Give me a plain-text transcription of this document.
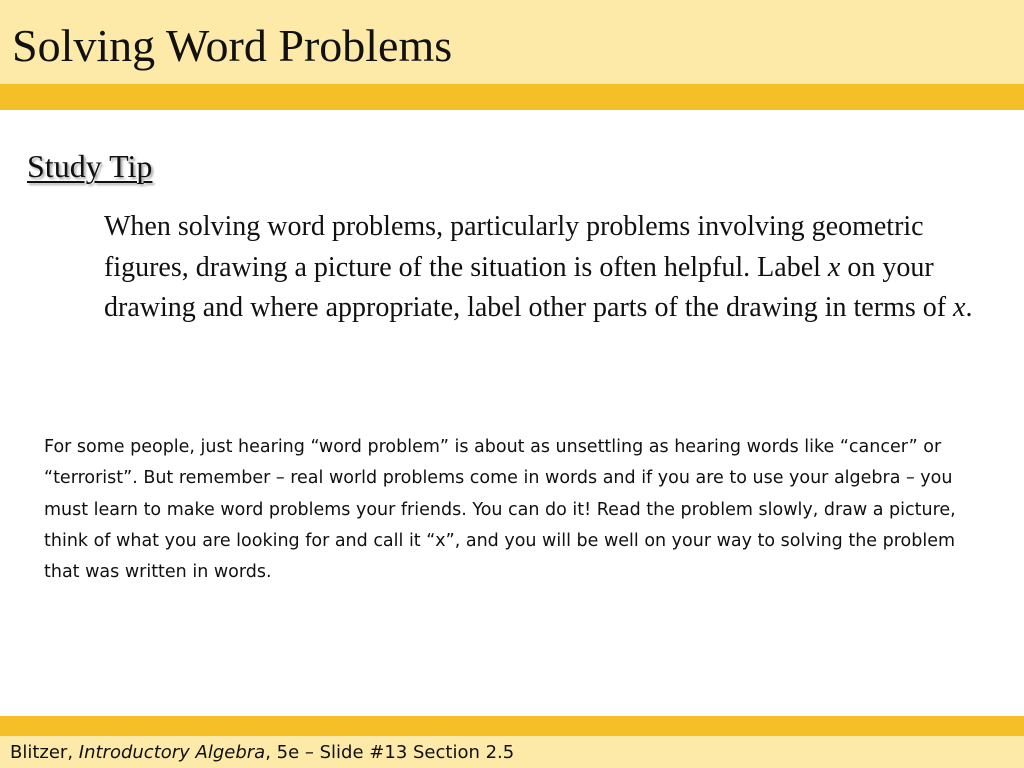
Solving Word Problems
Study Tip

When solving word problems, particularly problems involving geometric figures, drawing a picture of the situation is often helpful. Label x on your drawing and where appropriate, label other parts of the drawing in terms of x.

For some people, just hearing “word problem” is about as unsettling as hearing words like “cancer” or “terrorist”. But remember – real world problems come in words and if you are to use your algebra – you must learn to make word problems your friends. You can do it! Read the problem slowly, draw a picture, think of what you are looking for and call it “x”, and you will be well on your way to solving the problem that was written in words.

Blitzer, Introductory Algebra, 5e – Slide #13 Section 2.5
